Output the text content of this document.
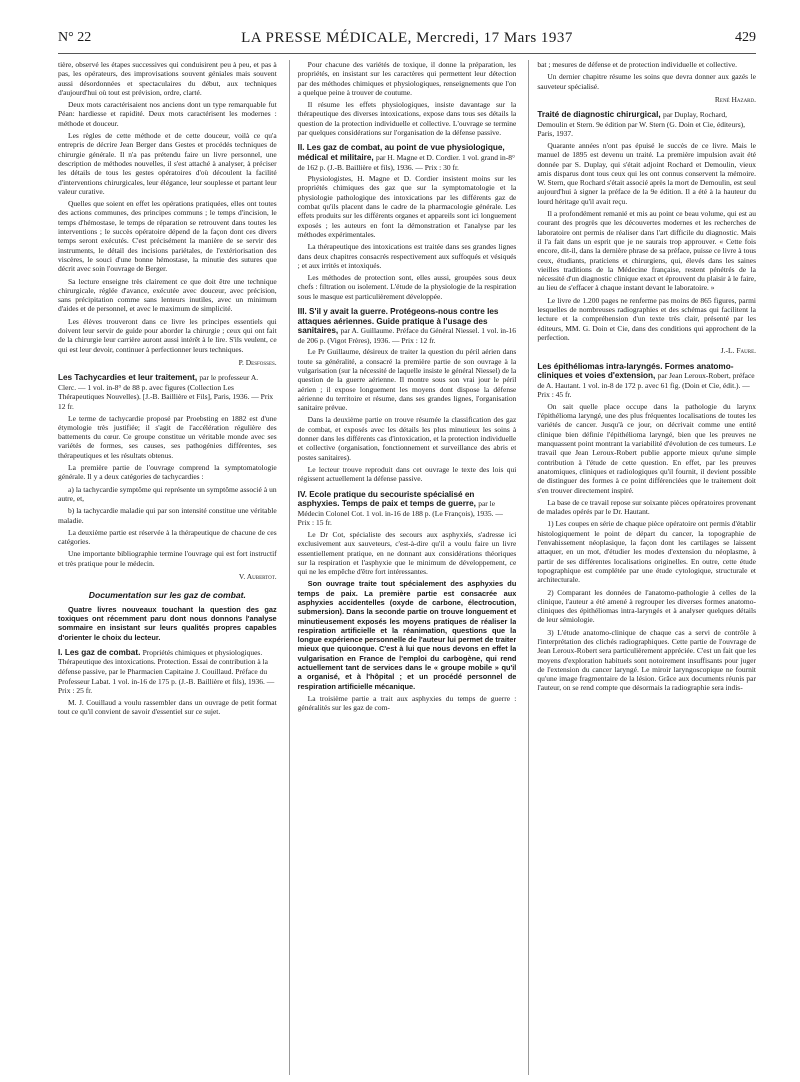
N° 22	LA PRESSE MÉDICALE, Mercredi, 17 Mars 1937	429

tière, observé les étapes successives qui conduisirent peu à peu, et pas à pas, les opérateurs, des improvisations souvent géniales mais souvent aussi désordonnées et spectaculaires du début, aux techniques d'aujourd'hui où tout est prévision, ordre, clarté.

Deux mots caractérisaient nos anciens dont un type remarquable fut Péan: hardiesse et rapidité. Deux mots caractérisent les modernes : méthode et douceur.

Les règles de cette méthode et de cette douceur, voilà ce qu'a entrepris de décrire Jean Berger dans Gestes et procédés techniques de chirurgie générale. Il n'a pas prétendu faire un livre personnel, une description de méthodes nouvelles, il s'est attaché à analyser, à préciser les détails de tous les gestes opératoires d'où découlent la facilité d'interventions chirurgicales, leur élégance, leur souplesse et partant leur valeur curative.

Quelles que soient en effet les opérations pratiquées, elles ont toutes des actions communes, des principes communs ; le temps d'incision, le temps d'hémostase, le temps de réparation se retrouvent dans toutes les interventions ; le succès opératoire dépend de la façon dont ces divers temps seront exécutés. C'est précisément la manière de se servir des instruments, le détail des incisions pariétales, de l'extériorisation des viscères, le souci d'une bonne hémostase, la minutie des sutures que décrit avec soin l'ouvrage de Berger.

Sa lecture enseigne très clairement ce que doit être une technique chirurgicale, réglée d'avance, exécutée avec douceur, avec précision, sans précipitation comme sans lenteurs inutiles, avec un minimum d'aides et de personnel, et avec le maximum de simplicité.

Les élèves trouveront dans ce livre les principes essentiels qui doivent leur servir de guide pour aborder la chirurgie ; ceux qui ont fait de la chirurgie leur carrière auront aussi intérêt à le lire. S'ils veulent, ce qui est leur devoir, continuer à perfectionner leurs techniques.

P. Desfosses.

Les Tachycardies et leur traitement, par le professeur A. Clerc. — 1 vol. in-8° de 88 p. avec figures (Collection Les Thérapeutiques Nouvelles). [J.-B. Baillière et Fils], Paris, 1936. — Prix 12 fr.

Le terme de tachycardie proposé par Proebsting en 1882 est d'une étymologie très justifiée; il s'agit de l'accélération régulière des battements du cœur. Ce groupe constitue un véritable monde avec ses variétés de formes, ses causes, ses pathogénies différentes, ses thérapeutiques et les résultats obtenus.

La première partie de l'ouvrage comprend la symptomatologie générale. Il y a deux catégories de tachycardies :

a) la tachycardie symptôme qui représente un symptôme associé à un autre, et,

b) la tachycardie maladie qui par son intensité constitue une véritable maladie.

La deuxième partie est réservée à la thérapeutique de chacune de ces catégories.

Une importante bibliographie termine l'ouvrage qui est fort instructif et très pratique pour le médecin.

V. Aubertot.

Documentation sur les gaz de combat.

Quatre livres nouveaux touchant la question des gaz toxiques ont récemment paru dont nous donnons l'analyse sommaire en insistant sur leurs qualités propres capables d'orienter le choix du lecteur.

I. Les gaz de combat. Propriétés chimiques et physiologiques. Thérapeutique des intoxications. Protection. Essai de contribution à la défense passive, par le Pharmacien Capitaine J. Couillaud. Préface du Professeur Labat. 1 vol. in-16 de 175 p. (J.-B. Baillière et fils), 1936. — Prix : 25 fr.

M. J. Couillaud a voulu rassembler dans un ouvrage de petit format tout ce qu'il convient de savoir d'essentiel sur ce sujet.

Pour chacune des variétés de toxique, il donne la préparation, les propriétés, en insistant sur les caractères qui permettent leur détection par des méthodes chimiques et physiologiques, renseignements que l'on a quelque peine à trouver de coutume.

Il résume les effets physiologiques, insiste davantage sur la thérapeutique des diverses intoxications, expose dans tous ses détails la question de la protection individuelle et collective. L'ouvrage se termine par quelques considérations sur l'organisation de la défense passive.

II. Les gaz de combat, au point de vue physiologique, médical et militaire, par H. Magne et D. Cordier. 1 vol. grand in-8° de 162 p. (J.-B. Baillière et fils), 1936. — Prix : 30 fr.

Physiologistes, H. Magne et D. Cordier insistent moins sur les propriétés chimiques des gaz que sur la symptomatologie et la physiologie pathologique des intoxications par les différents gaz de combat qu'ils placent dans le cadre de la pharmacologie générale. Les effets produits sur les différents organes et appareils sont ici longuement exposés ; les auteurs en font la démonstration et l'analyse par les méthodes expérimentales.

La thérapeutique des intoxications est traitée dans ses grandes lignes dans deux chapitres consacrés respectivement aux suffoqués et vésiqués ; et aux irrités et intoxiqués.

Les méthodes de protection sont, elles aussi, groupées sous deux chefs : filtration ou isolement. L'étude de la physiologie de la respiration sous le masque est particulièrement développée.

III. S'il y avait la guerre. Protégeons-nous contre les attaques aériennes. Guide pratique à l'usage des sanitaires, par A. Guillaume. Préface du Général Niessel. 1 vol. in-16 de 206 p. (Vigot Frères), 1936. — Prix : 12 fr.

Le Pr Guillaume, désireux de traiter la question du péril aérien dans toute sa généralité, a consacré la première partie de son ouvrage à la vulgarisation (sur la nécessité de laquelle insiste le général Niessel) de la question de la guerre aérienne. Il montre sous son vrai jour le péril aérien ; il expose longuement les moyens dont dispose la défense aérienne du territoire et résume, dans ses grandes lignes, l'organisation sanitaire prévue.

Dans la deuxième partie on trouve résumée la classification des gaz de combat, et exposés avec les détails les plus minutieux les soins à donner dans les différents cas d'intoxication, et la protection individuelle et collective (organisation, fonctionnement et surveillance des abris et postes sanitaires).

Le lecteur trouve reproduit dans cet ouvrage le texte des lois qui régissent actuellement la défense passive.

IV. Ecole pratique du secouriste spécialisé en asphyxies. Temps de paix et temps de guerre, par le Médecin Colonel Cot. 1 vol. in-16 de 188 p. (Le François), 1935. — Prix : 15 fr.

Le Dr Cot, spécialiste des secours aux asphyxiés, s'adresse ici exclusivement aux sauveteurs, c'est-à-dire qu'il a voulu faire un livre essentiellement pratique, en ne donnant aux considérations théoriques sur la respiration et l'asphyxie que le minimum de développement, ce qui ne les empêche d'être fort intéressantes.

Son ouvrage traite tout spécialement des asphyxies du temps de paix. La première partie est consacrée aux asphyxies accidentelles (oxyde de carbone, électrocution, submersion). Dans la seconde partie on trouve longuement et minutieusement exposés les moyens pratiques de réaliser la respiration artificielle et la réanimation, questions que la longue expérience personnelle de l'auteur lui permet de traiter mieux que quiconque. C'est à lui que nous devons en effet la vulgarisation en France de l'emploi du carbogène, qui rend actuellement tant de services dans le « groupe mobile » qu'il a organisé, et à l'hôpital ; et un procédé personnel de respiration artificielle mécanique.

La troisième partie a trait aux asphyxies du temps de guerre : généralités sur les gaz de com-

bat ; mesures de défense et de protection individuelle et collective.

Un dernier chapitre résume les soins que devra donner aux gazés le sauveteur spécialisé.

René Hazard.

Traité de diagnostic chirurgical, par Duplay, Rochard, Demoulin et Stern. 9e édition par W. Stern (G. Doin et Cie, éditeurs), Paris, 1937.

Quarante années n'ont pas épuisé le succès de ce livre. Mais le manuel de 1895 est devenu un traité. La première impulsion avait été donnée par S. Duplay, qui s'était adjoint Rochard et Demoulin, vieux amis disparus dont tous ceux qui les ont connus conservent la mémoire. W. Stern, que Rochard s'était associé après la mort de Demoulin, est seul aujourd'hui à signer la préface de la 9e édition. Il a été à la hauteur du lourd héritage qu'il avait reçu.

Il a profondément remanié et mis au point ce beau volume, qui est au courant des progrès que les découvertes modernes et les recherches de laboratoire ont permis de réaliser dans l'art difficile du diagnostic. Mais il l'a fait dans un esprit que je ne saurais trop approuver. « Cette fois encore, dit-il, dans la dernière phrase de sa préface, puisse ce livre à tous ceux, étudiants, praticiens et chirurgiens, qui, élevés dans les saines vieilles traditions de la Médecine française, restent pénétrés de la nécessité d'un diagnostic clinique exact et éprouvent du plaisir à le faire, au lieu de s'effacer à chaque instant devant le laboratoire. »

Le livre de 1.200 pages ne renferme pas moins de 865 figures, parmi lesquelles de nombreuses radiographies et des schémas qui facilitent la lecture et la compréhension d'un texte très clair, présenté par les éditeurs, MM. G. Doin et Cie, dans des conditions qui approchent de la perfection.

J.-L. Faure.

Les épithéliomas intra-laryngés. Formes anatomo-cliniques et voies d'extension, par Jean Leroux-Robert, préface de A. Hautant. 1 vol. in-8 de 172 p. avec 61 fig. (Doin et Cie, édit.). — Prix : 45 fr.

On sait quelle place occupe dans la pathologie du larynx l'épithélioma laryngé, une des plus fréquentes localisations de toutes les variétés de cancer. Jusqu'à ce jour, on décrivait comme une entité clinique bien définie l'épithélioma laryngé, bien que les preuves ne manquassent point montrant la variabilité d'évolution de ces tumeurs. Le travail que Jean Leroux-Robert publie apporte mieux qu'une simple contribution à l'étude de cette question. En effet, par les preuves anatomiques, cliniques et radiologiques qu'il fournit, il devient possible de distinguer des formes à ce point différenciées que le traitement doit s'en trouver directement inspiré.

La base de ce travail repose sur soixante pièces opératoires provenant de malades opérés par le Dr. Hautant.

1) Les coupes en série de chaque pièce opératoire ont permis d'établir histologiquement le point de départ du cancer, la topographie de l'envahissement néoplasique, la façon dont les cartilages se laissent attaquer, en un mot, d'étudier les modes d'extension du néoplasme, à partir de ses différentes localisations originelles. En outre, cette étude topographique est complétée par une étude cytologique, structurale et architecturale.

2) Comparant les données de l'anatomo-pathologie à celles de la clinique, l'auteur a été amené à regrouper les diverses formes anatomo-cliniques des épithéliomas intra-laryngés et à analyser quelques détails de leur sémiologie.

3) L'étude anatomo-clinique de chaque cas a servi de contrôle à l'interprétation des clichés radiographiques. Cette partie de l'ouvrage de Jean Leroux-Robert sera particulièrement appréciée. C'est un fait que les moyens d'exploration habituels sont notoirement insuffisants pour juger de l'extension du cancer laryngé. Le miroir laryngoscopique ne fournit qu'une image fragmentaire de la lésion. Grâce aux documents réunis par l'auteur, on se rend compte que désormais la radiographie sera indis-
